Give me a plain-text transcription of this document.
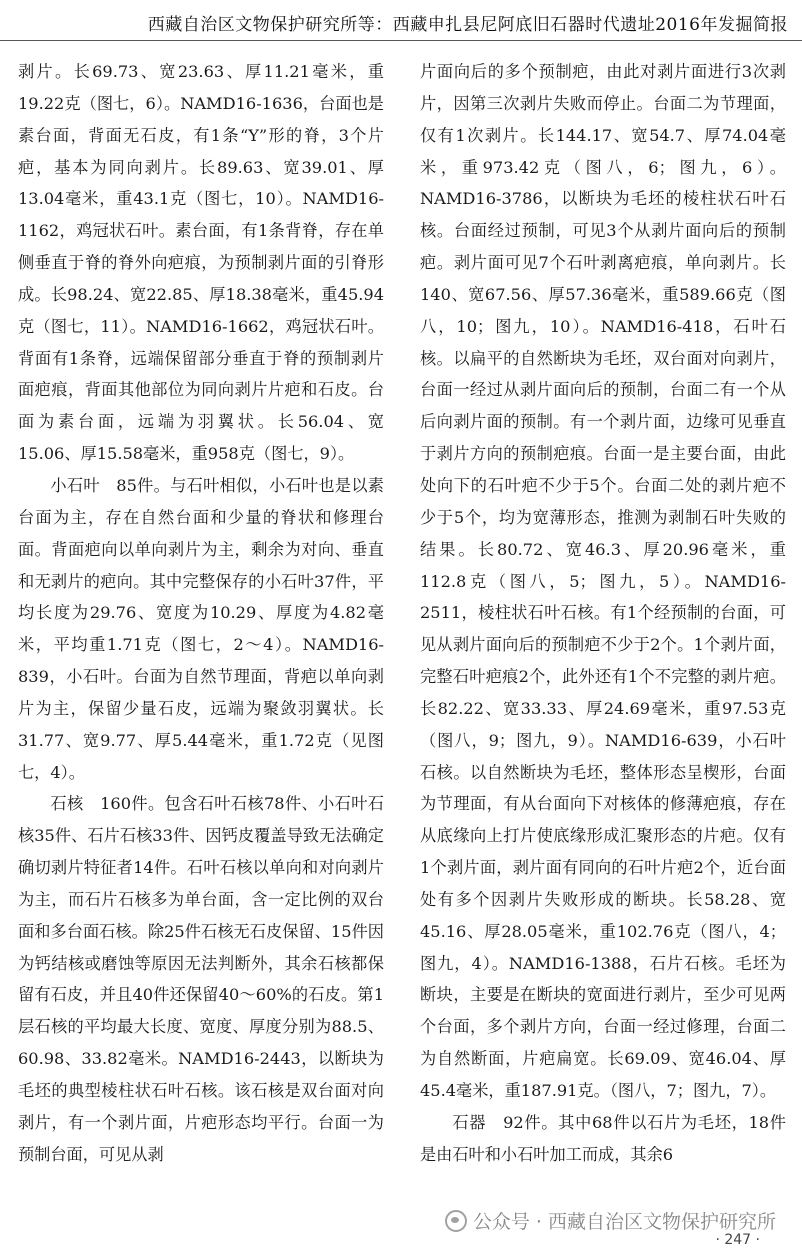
西藏自治区文物保护研究所等：西藏申扎县尼阿底旧石器时代遗址2016年发掘简报

剥片。长69.73、宽23.63、厚11.21毫米，重19.22克（图七，6）。NAMD16-1636，台面也是素台面，背面无石皮，有1条“Y”形的脊，3个片疤，基本为同向剥片。长89.63、宽39.01、厚13.04毫米，重43.1克（图七，10）。NAMD16-1162，鸡冠状石叶。素台面，有1条背脊，存在单侧垂直于脊的脊外向疤痕，为预制剥片面的引脊形成。长98.24、宽22.85、厚18.38毫米，重45.94克（图七，11）。NAMD16-1662，鸡冠状石叶。背面有1条脊，远端保留部分垂直于脊的预制剥片面疤痕，背面其他部位为同向剥片片疤和石皮。台面为素台面，远端为羽翼状。长56.04、宽15.06、厚15.58毫米，重958克（图七，9）。

小石叶　85件。与石叶相似，小石叶也是以素台面为主，存在自然台面和少量的脊状和修理台面。背面疤向以单向剥片为主，剩余为对向、垂直和无剥片的疤向。其中完整保存的小石叶37件，平均长度为29.76、宽度为10.29、厚度为4.82毫米，平均重1.71克（图七，2～4）。NAMD16-839，小石叶。台面为自然节理面，背疤以单向剥片为主，保留少量石皮，远端为聚敛羽翼状。长31.77、宽9.77、厚5.44毫米，重1.72克（见图七，4）。

石核　160件。包含石叶石核78件、小石叶石核35件、石片石核33件、因钙皮覆盖导致无法确定确切剥片特征者14件。石叶石核以单向和对向剥片为主，而石片石核多为单台面，含一定比例的双台面和多台面石核。除25件石核无石皮保留、15件因为钙结核或磨蚀等原因无法判断外，其余石核都保留有石皮，并且40件还保留40～60%的石皮。第1层石核的平均最大长度、宽度、厚度分别为88.5、60.98、33.82毫米。NAMD16-2443，以断块为毛坯的典型棱柱状石叶石核。该石核是双台面对向剥片，有一个剥片面，片疤形态均平行。台面一为预制台面，可见从剥

片面向后的多个预制疤，由此对剥片面进行3次剥片，因第三次剥片失败而停止。台面二为节理面，仅有1次剥片。长144.17、宽54.7、厚74.04毫米，重973.42克（图八，6；图九，6）。NAMD16-3786，以断块为毛坯的棱柱状石叶石核。台面经过预制，可见3个从剥片面向后的预制疤。剥片面可见7个石叶剥离疤痕，单向剥片。长140、宽67.56、厚57.36毫米，重589.66克（图八，10；图九，10）。NAMD16-418，石叶石核。以扁平的自然断块为毛坯，双台面对向剥片，台面一经过从剥片面向后的预制，台面二有一个从后向剥片面的预制。有一个剥片面，边缘可见垂直于剥片方向的预制疤痕。台面一是主要台面，由此处向下的石叶疤不少于5个。台面二处的剥片疤不少于5个，均为宽薄形态，推测为剥制石叶失败的结果。长80.72、宽46.3、厚20.96毫米，重112.8克（图八，5；图九，5）。NAMD16-2511，棱柱状石叶石核。有1个经预制的台面，可见从剥片面向后的预制疤不少于2个。1个剥片面，完整石叶疤痕2个，此外还有1个不完整的剥片疤。长82.22、宽33.33、厚24.69毫米，重97.53克（图八，9；图九，9）。NAMD16-639，小石叶石核。以自然断块为毛坯，整体形态呈楔形，台面为节理面，有从台面向下对核体的修薄疤痕，存在从底缘向上打片使底缘形成汇聚形态的片疤。仅有1个剥片面，剥片面有同向的石叶片疤2个，近台面处有多个因剥片失败形成的断块。长58.28、宽45.16、厚28.05毫米，重102.76克（图八，4；图九，4）。NAMD16-1388，石片石核。毛坯为断块，主要是在断块的宽面进行剥片，至少可见两个台面，多个剥片方向，台面一经过修理，台面二为自然断面，片疤扁宽。长69.09、宽46.04、厚45.4毫米，重187.91克。（图八，7；图九，7）。

石器　92件。其中68件以石片为毛坯，18件是由石叶和小石叶加工而成，其余6

公众号 · 西藏自治区文物保护研究所
· 247 ·
